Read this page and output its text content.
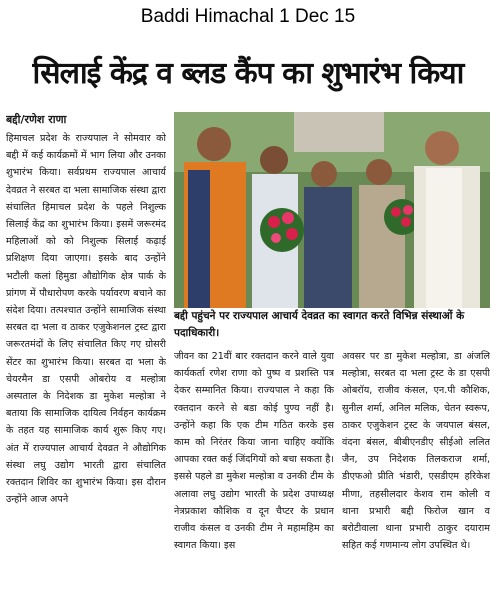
Baddi Himachal 1 Dec 15
सिलाई केंद्र व ब्लड कैंप का शुभारंभ किया
बद्दी/रणेश राणा

हिमाचल प्रदेश के राज्यपाल ने सोमवार को बद्दी में कई कार्यक्रमों में भाग लिया और उनका शुभारंभ किया। सर्वप्रथम राज्यपाल आचार्य देवव्रत ने सरबत दा भला सामाजिक संस्था द्वारा संचालित हिमाचल प्रदेश के पहले निशुल्क सिलाई केंद्र का शुभारंभ किया। इसमें जरूरमंद महिलाओं को को निशुल्क सिलाई कढ़ाई प्रशिक्षण दिया जाएगा। इसके बाद उन्होंने भटौली कलां हिमुडा औद्योगिक क्षेत्र पार्क के प्रांगण में पौधारोपण करके पर्यावरण बचाने का संदेश दिया। तत्पश्चात उन्होंने सामाजिक संस्था सरबत दा भला व ठाकर एजुकेशनल ट्रस्ट द्वारा जरूरतमंदों के लिए संचालित किए गए ग्रोसरी सेंटर का शुभारंभ किया। सरबत दा भला के चेयरमैन डा एसपी ओबरोय व मल्होत्रा अस्पताल के निदेशक डा मुकेश मल्होत्रा ने बताया कि सामाजिक दायित्व निर्वहन कार्यक्रम के तहत यह सामाजिक कार्य शुरू किए गए। अंत में राज्यपाल आचार्य देवव्रत ने औद्योगिक संस्था लघु उद्योग भारती द्वारा संचालित रक्तदान शिविर का शुभारंभ किया। इस दौरान उन्होंने आज अपने

बद्दी पहुंचने पर राज्यपाल आचार्य देवव्रत का स्वागत करते विभिन्न संस्थाओं के पदाधिकारी।

जीवन का 21वीं बार रक्तदान करने वाले युवा कार्यकर्ता रणेश राणा को पुष्प व प्रशस्ति पत्र देकर सम्मानित किया। राज्यपाल ने कहा कि रक्तदान करने से बडा कोई पुण्य नहीं है। उन्होंने कहा कि एक टीम गठित करके इस काम को निरंतर किया जाना चाहिए क्योंकि आपका रक्त कई जिंदगियों को बचा सकता है। इससे पहले डा मुकेश मल्होत्रा व उनकी टीम के अलावा लघु उद्योग भारती के प्रदेश उपाध्यक्ष नेत्रप्रकाश कौशिक व दून चैप्टर के प्रधान राजीव कंसल व उनकी टीम ने महामहिम का स्वागत किया। इस

अवसर पर डा मुकेश मल्होत्रा, डा अंजलि मल्होत्रा, सरबत दा भला ट्रस्ट के डा एसपी ओबरॉय, राजीव कंसल, एन.पी कौशिक, सुनील शर्मा, अनिल मलिक, चेतन स्वरूप, ठाकर एजुकेशन ट्रस्ट के जयपाल बंसल, वंदना बंसल, बीबीएनडीए सीईओ ललित जैन, उप निदेशक तिलकराज शर्मा, डीएफओ प्रीति भंडारी, एसडीएम हरिकेश मीणा, तहसीलदार केशव राम कोली व थाना प्रभारी बद्दी फिरोज खान व बरोटीवाला थाना प्रभारी ठाकुर दयाराम सहित कई गणमान्य लोग उपस्थित थे।
